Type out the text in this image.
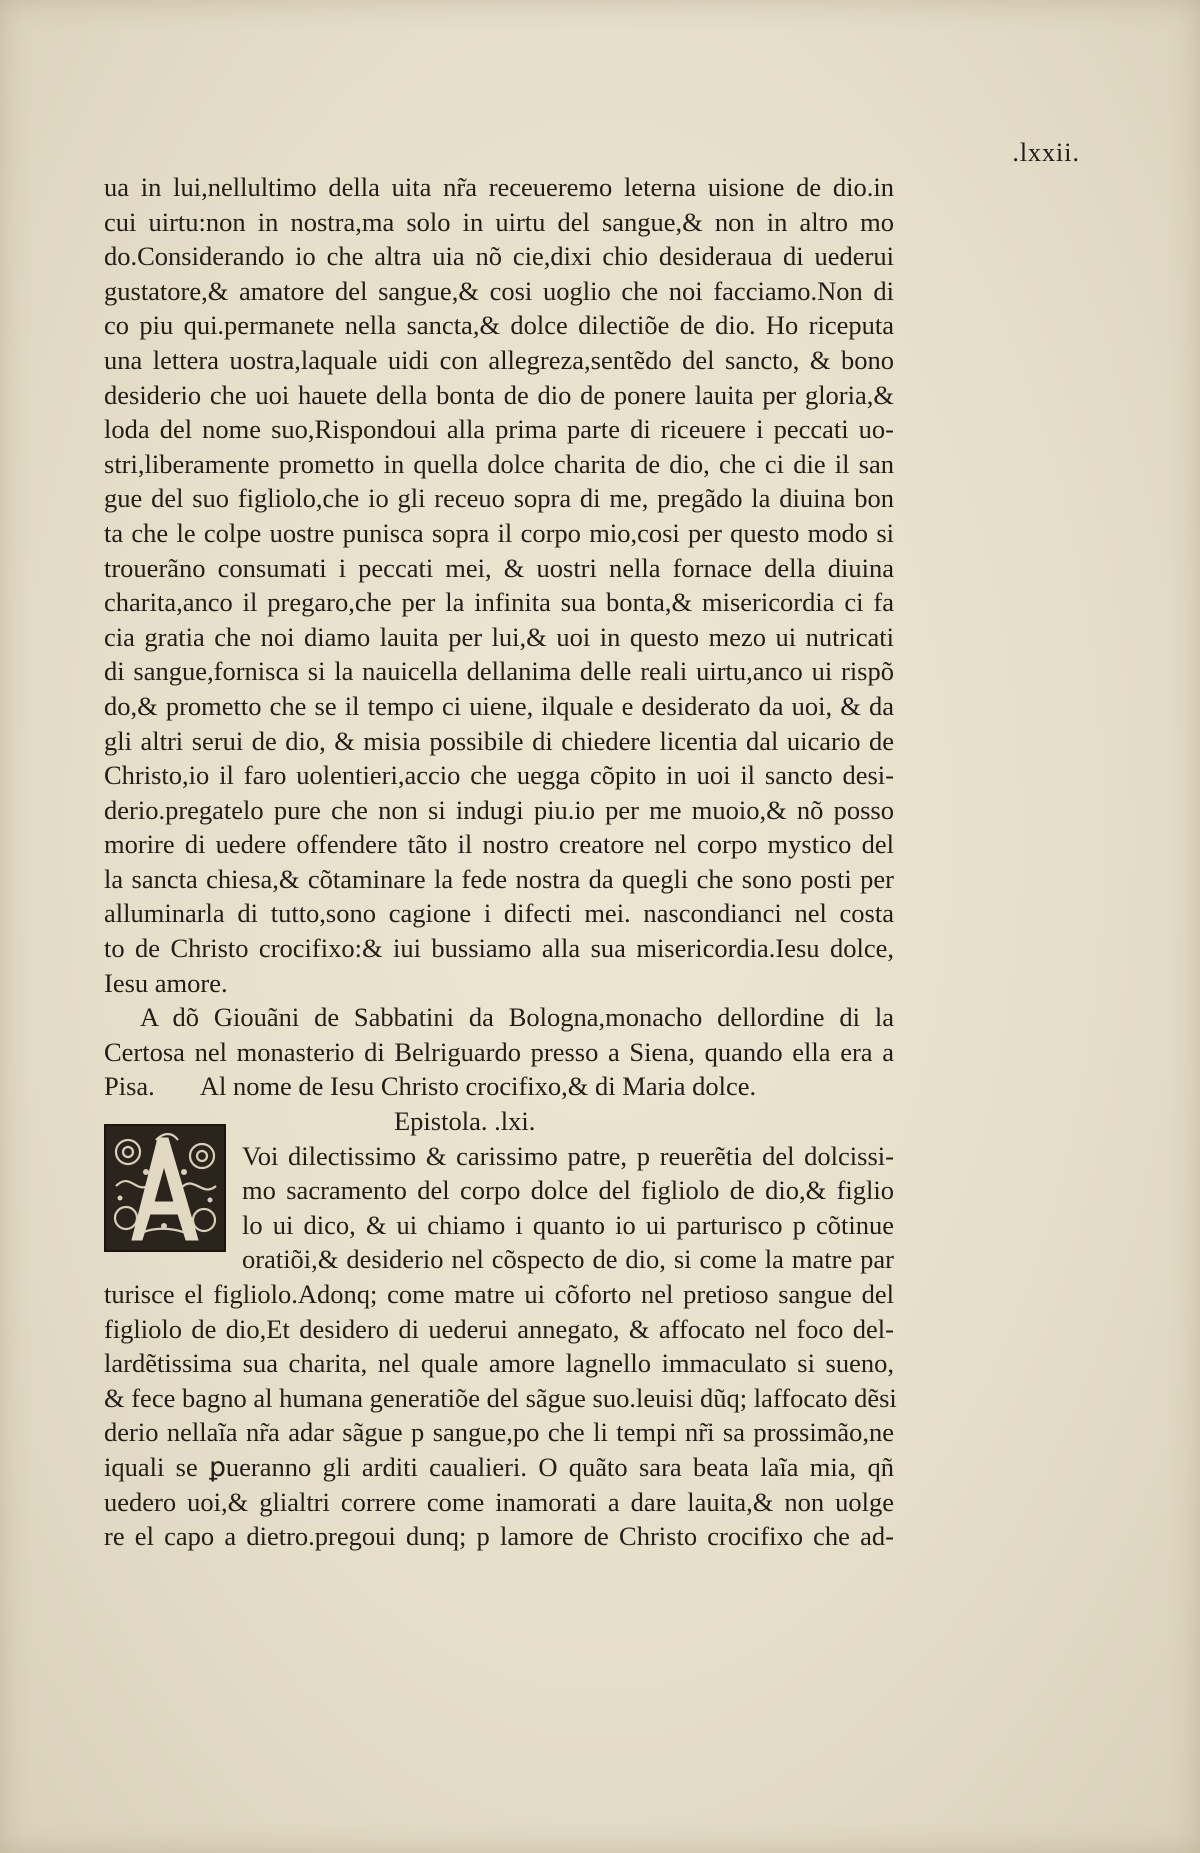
.lxxii.
ua in lui,nellultimo della uita nr̃a receueremo leterna uisione de dio.in
cui uirtu:non in nostra,ma solo in uirtu del sangue,& non in altro mo
do.Considerando io che altra uia nõ cie,dixi chio desideraua di uederui
gustatore,& amatore del sangue,& cosi uoglio che noi facciamo.Non di
co piu qui.permanete nella sancta,& dolce dilectiõe de dio. Ho riceputa
una lettera uostra,laquale uidi con allegreza,sentẽdo del sancto, & bono
desiderio che uoi hauete della bonta de dio de ponere lauita per gloria,&
loda del nome suo,Rispondoui alla prima parte di riceuere i peccati uo-
stri,liberamente prometto in quella dolce charita de dio, che ci die il san
gue del suo figliolo,che io gli receuo sopra di me, pregãdo la diuina bon
ta che le colpe uostre punisca sopra il corpo mio,cosi per questo modo si
trouerãno consumati i peccati mei, & uostri nella fornace della diuina
charita,anco il pregaro,che per la infinita sua bonta,& misericordia ci fa
cia gratia che noi diamo lauita per lui,& uoi in questo mezo ui nutricati
di sangue,fornisca si la nauicella dellanima delle reali uirtu,anco ui rispõ
do,& prometto che se il tempo ci uiene, ilquale e desiderato da uoi, & da
gli altri serui de dio, & misia possibile di chiedere licentia dal uicario de
Christo,io il faro uolentieri,accio che uegga cõpito in uoi il sancto desi-
derio.pregatelo pure che non si indugi piu.io per me muoio,& nõ posso
morire di uedere offendere tãto il nostro creatore nel corpo mystico del
la sancta chiesa,& cõtaminare la fede nostra da quegli che sono posti per
alluminarla di tutto,sono cagione i difecti mei. nascondianci nel costa
to de Christo crocifixo:& iui bussiamo alla sua misericordia.Iesu dolce,
Iesu amore.
A dõ Giouãni de Sabbatini da Bologna,monacho dellordine di la
Certosa nel monasterio di Belriguardo presso a Siena, quando ella era a
Pisa. Al nome de Iesu Christo crocifixo,& di Maria dolce.
Epistola. .lxi.
Voi dilectissimo & carissimo patre, p reuerẽtia del dolcissi-
mo sacramento del corpo dolce del figliolo de dio,& figlio
lo ui dico, & ui chiamo i quanto io ui parturisco p cõtinue
oratiõi,& desiderio nel cõspecto de dio, si come la matre par
turisce el figliolo.Adonq; come matre ui cõforto nel pretioso sangue del
figliolo de dio,Et desidero di uederui annegato, & affocato nel foco del-
lardẽtissima sua charita, nel quale amore lagnello immaculato si sueno,
& fece bagno al humana generatiõe del sãgue suo.leuisi dũq; laffocato dẽsi
derio nellaĩa nr̃a adar sãgue p sangue,po che li tempi nr̃i sa prossimão,ne
iquali se ꝑueranno gli arditi caualieri. O quãto sara beata laĩa mia, qñ
uedero uoi,& glialtri correre come inamorati a dare lauita,& non uolge
re el capo a dietro.pregoui dunq; p lamore de Christo crocifixo che ad-
